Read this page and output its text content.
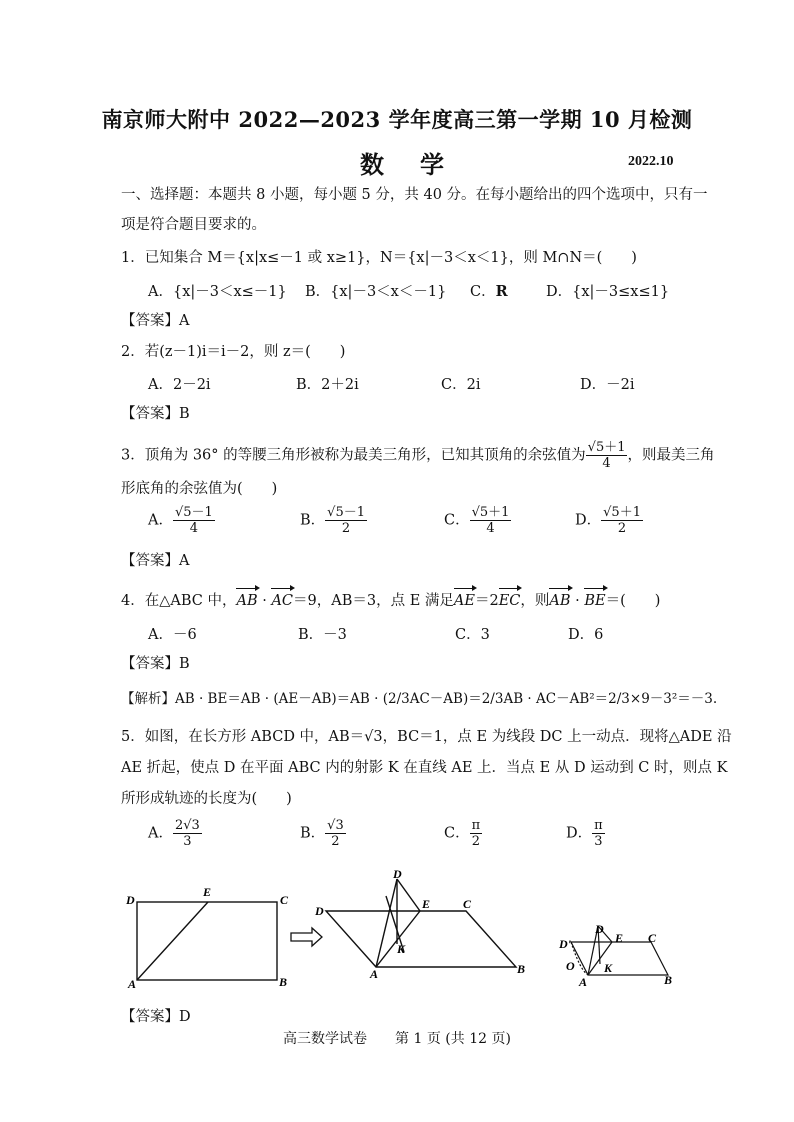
南京师大附中 2022—2023 学年度高三第一学期 10 月检测
数学	2022.10
一、选择题：本题共 8 小题，每小题 5 分，共 40 分。在每小题给出的四个选项中，只有一
项是符合题目要求的。
1．已知集合 M＝{x|x≤－1 或 x≥1}，N＝{x|－3＜x＜1}，则 M∩N＝(　　)
A．{x|－3＜x≤－1} B．{x|－3＜x＜－1} C．R	D．{x|－3≤x≤1}
【答案】A
2．若(z－1)i＝i－2，则 z＝(　　)
A．2－2i	B．2＋2i	C．2i	D．－2i
【答案】B
3．顶角为 36° 的等腰三角形被称为最美三角形，已知其顶角的余弦值为 $\frac{√5+1}{4}$ ，则最美三角
形底角的余弦值为(　　)
A． $\frac{√5-1}{4}$	B． $\frac{√5-1}{2}$	C． $\frac{√5+1}{4}$	D． $\frac{√5+1}{2}$
【答案】A
4．在△ABC 中，AB · AC＝9，AB＝3，点 E 满足AE＝2EC，则AB · BE＝(　　)
A．－6	B．－3	C．3	D．6
【答案】B
【解析】AB · BE＝AB · (AE－AB)＝AB · (2/3AC－AB)＝2/3AB · AC－AB²＝2/3×9－3²＝－3.
5．如图，在长方形 ABCD 中，AB＝√3，BC＝1，点 E 为线段 DC 上一动点．现将△ADE 沿
AE 折起，使点 D 在平面 ABC 内的射影 K 在直线 AE 上．当点 E 从 D 运动到 C 时，则点 K
所形成轨迹的长度为(　　)
A． $\frac{2√3}{3}$	B． $\frac{√3}{2}$	C． $\frac{\pi}{2}$	D． $\frac{\pi}{3}$
D
E
C
A	B
D
D
E	C
K
A	B
D'
D
E C
O K
A	B
【答案】D
高三数学试卷　　第 1 页 (共 12 页)
